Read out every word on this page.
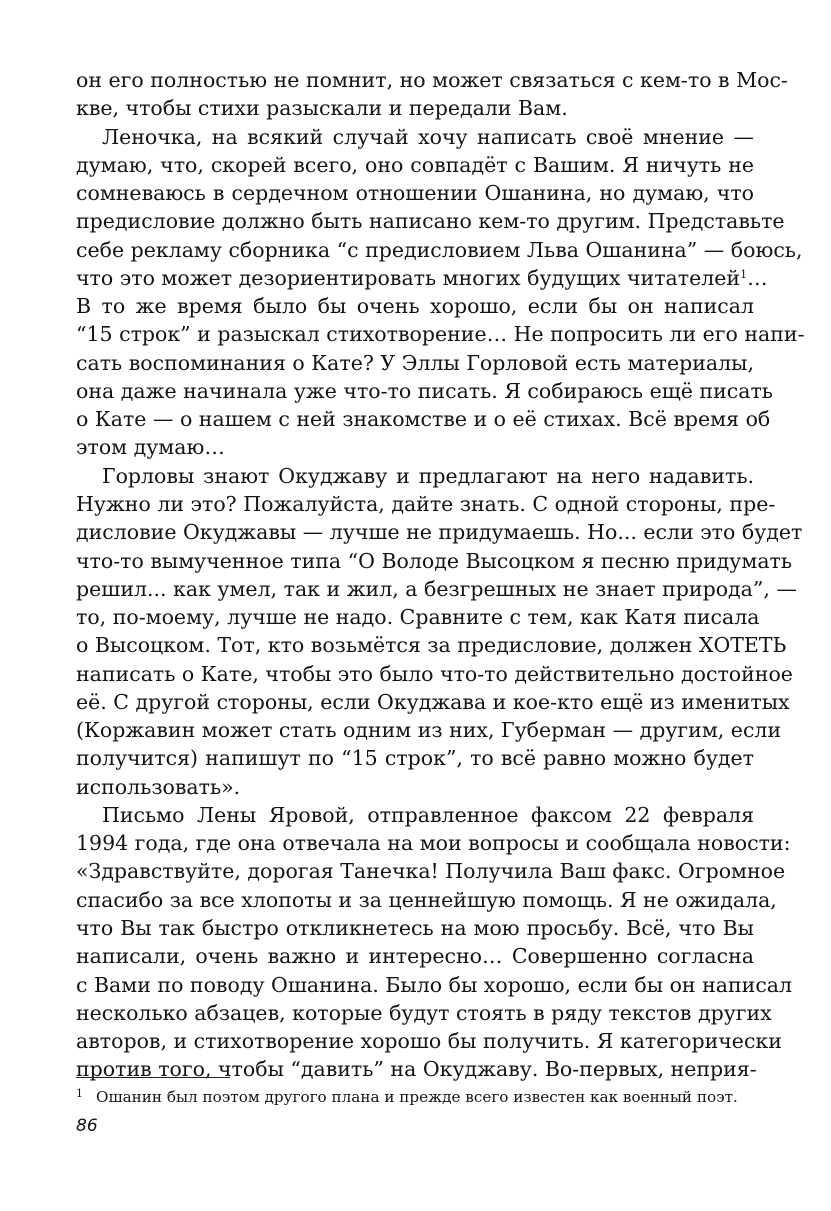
он его полностью не помнит, но может связаться с кем-то в Мос-
кве, чтобы стихи разыскали и передали Вам.
Леночка, на всякий случай хочу написать своё мнение —
думаю, что, скорей всего, оно совпадёт с Вашим. Я ничуть не
сомневаюсь в сердечном отношении Ошанина, но думаю, что
предисловие должно быть написано кем-то другим. Представьте
себе рекламу сборника “с предисловием Льва Ошанина” — боюсь,
что это может дезориентировать многих будущих читателей$^1$…
В то же время было бы очень хорошо, если бы он написал
“15 строк” и разыскал стихотворение… Не попросить ли его напи-
сать воспоминания о Кате? У Эллы Горловой есть материалы,
она даже начинала уже что-то писать. Я собираюсь ещё писать
о Кате — о нашем с ней знакомстве и о её стихах. Всё время об
этом думаю…
Горловы знают Окуджаву и предлагают на него надавить.
Нужно ли это? Пожалуйста, дайте знать. С одной стороны, пре-
дисловие Окуджавы — лучше не придумаешь. Но... если это будет
что-то вымученное типа “О Володе Высоцком я песню придумать
решил... как умел, так и жил, а безгрешных не знает природа”, —
то, по-моему, лучше не надо. Сравните с тем, как Катя писала
о Высоцком. Тот, кто возьмётся за предисловие, должен ХОТЕТЬ
написать о Кате, чтобы это было что-то действительно достойное
её. С другой стороны, если Окуджава и кое-кто ещё из именитых
(Коржавин может стать одним из них, Губерман — другим, если
получится) напишут по “15 строк”, то всё равно можно будет
использовать».
Письмо Лены Яровой, отправленное факсом 22 февраля
1994 года, где она отвечала на мои вопросы и сообщала новости:
«Здравствуйте, дорогая Танечка! Получила Ваш факс. Огромное
спасибо за все хлопоты и за ценнейшую помощь. Я не ожидала,
что Вы так быстро откликнетесь на мою просьбу. Всё, что Вы
написали, очень важно и интересно… Совершенно согласна
с Вами по поводу Ошанина. Было бы хорошо, если бы он написал
несколько абзацев, которые будут стоять в ряду текстов других
авторов, и стихотворение хорошо бы получить. Я категорически
против того, чтобы “давить” на Окуджаву. Во-первых, неприя-
1 Ошанин был поэтом другого плана и прежде всего известен как военный поэт.
86
